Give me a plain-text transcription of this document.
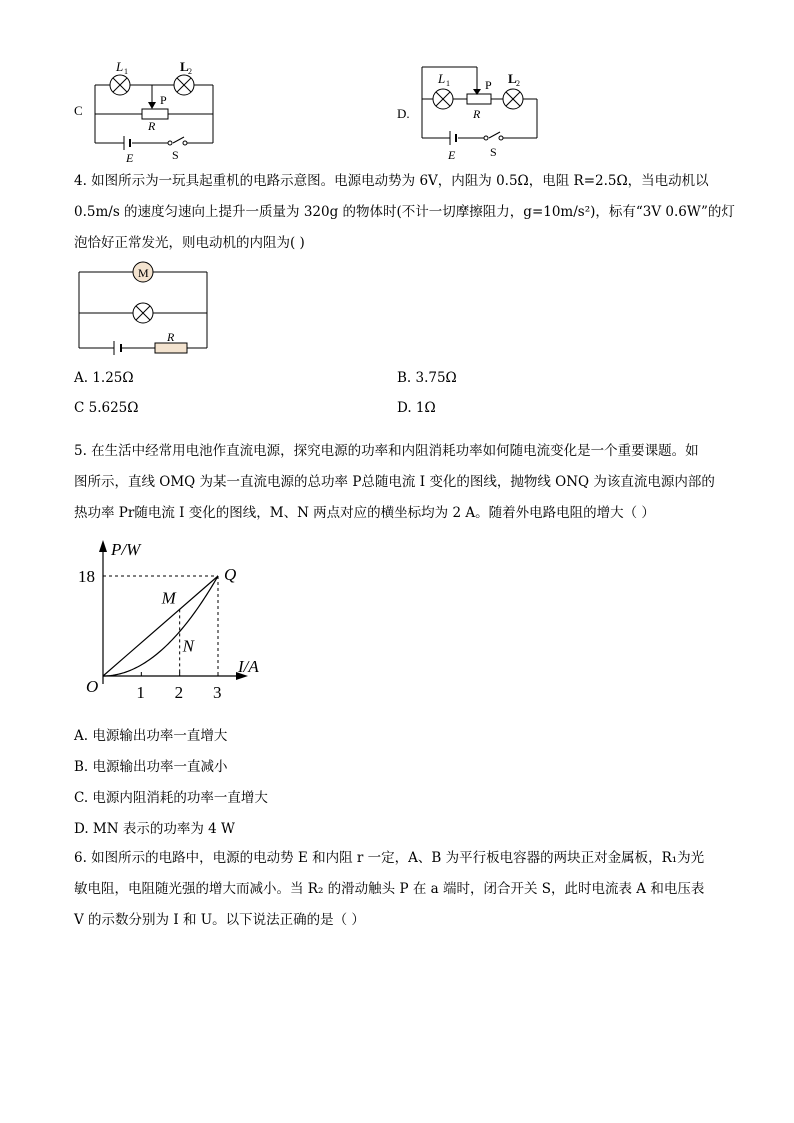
C
L 1	L 2
P
R
E	S
D.
L 1	L 2
P
R
E	S
4. 如图所示为一玩具起重机的电路示意图。电源电动势为 6V，内阻为 0.5Ω，电阻 R=2.5Ω，当电动机以
0.5m/s 的速度匀速向上提升一质量为 320g 的物体时(不计一切摩擦阻力，g=10m/s²)，标有“3V 0.6W”的灯
泡恰好正常发光，则电动机的内阻为( )
M
R
A. 1.25Ω	B. 3.75Ω
C 5.625Ω	D. 1Ω
5. 在生活中经常用电池作直流电源，探究电源的功率和内阻消耗功率如何随电流变化是一个重要课题。如
图所示，直线 OMQ 为某一直流电源的总功率 P总随电流 I 变化的图线，抛物线 ONQ 为该直流电源内部的
热功率 Pr随电流 I 变化的图线，M、N 两点对应的横坐标均为 2 A。随着外电路电阻的增大（ ）
P/W
I/A
O 1 2 3
18
M
N
Q
A. 电源输出功率一直增大
B. 电源输出功率一直减小
C. 电源内阻消耗的功率一直增大
D. MN 表示的功率为 4 W
6. 如图所示的电路中，电源的电动势 E 和内阻 r 一定，A、B 为平行板电容器的两块正对金属板，R₁为光
敏电阻，电阻随光强的增大而减小。当 R₂ 的滑动触头 P 在 a 端时，闭合开关 S，此时电流表 A 和电压表
V 的示数分别为 I 和 U。以下说法正确的是（ ）
